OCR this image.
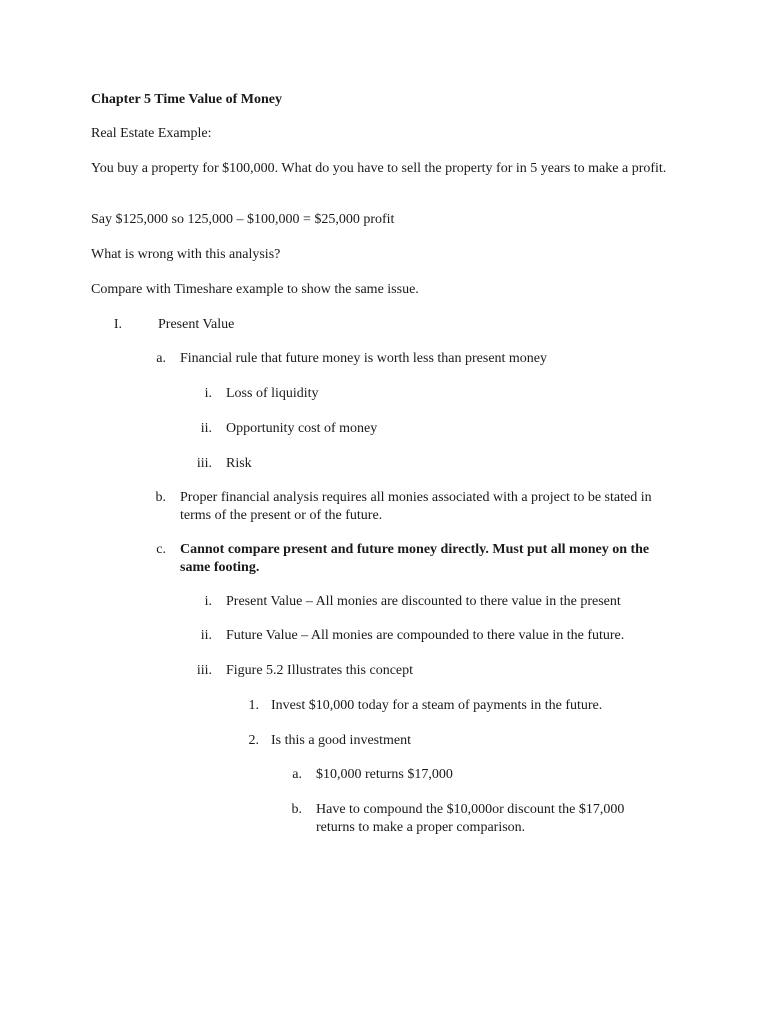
Chapter 5 Time Value of Money
Real Estate Example:
You buy a property for $100,000. What do you have to sell the property for in 5 years to make a profit.
Say $125,000 so 125,000 – $100,000 = $25,000 profit
What is wrong with this analysis?
Compare with Timeshare example to show the same issue.
I.	Present Value
a. Financial rule that future money is worth less than present money
i. Loss of liquidity
ii. Opportunity cost of money
iii. Risk
b. Proper financial analysis requires all monies associated with a project to be stated in terms of the present or of the future.
c. Cannot compare present and future money directly. Must put all money on the same footing.
i. Present Value – All monies are discounted to there value in the present
ii. Future Value – All monies are compounded to there value in the future.
iii. Figure 5.2 Illustrates this concept
1. Invest $10,000 today for a steam of payments in the future.
2. Is this a good investment
a. $10,000 returns $17,000
b. Have to compound the $10,000or discount the $17,000 returns to make a proper comparison.
